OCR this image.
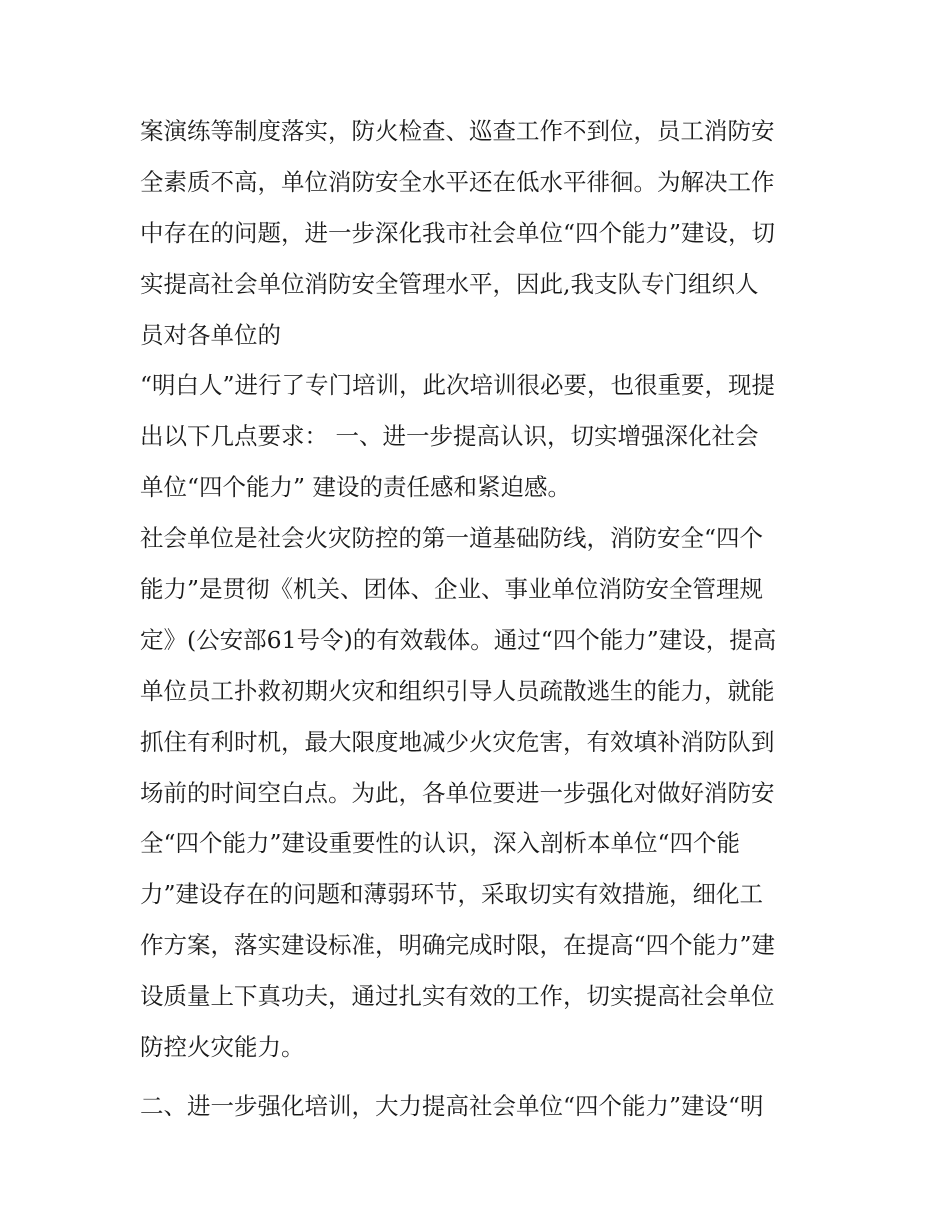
案演练等制度落实，防火检查、巡查工作不到位，员工消防安
全素质不高，单位消防安全水平还在低水平徘徊。为解决工作
中存在的问题，进一步深化我市社会单位“四个能力”建设，切
实提高社会单位消防安全管理水平，因此,我支队专门组织人
员对各单位的
“明白人”进行了专门培训，此次培训很必要，也很重要，现提
出以下几点要求： 一、进一步提高认识，切实增强深化社会
单位“四个能力” 建设的责任感和紧迫感。
社会单位是社会火灾防控的第一道基础防线，消防安全“四个
能力”是贯彻《机关、团体、企业、事业单位消防安全管理规
定》(公安部61号令)的有效载体。通过“四个能力”建设，提高
单位员工扑救初期火灾和组织引导人员疏散逃生的能力，就能
抓住有利时机，最大限度地减少火灾危害，有效填补消防队到
场前的时间空白点。为此，各单位要进一步强化对做好消防安
全“四个能力”建设重要性的认识，深入剖析本单位“四个能
力”建设存在的问题和薄弱环节，采取切实有效措施，细化工
作方案，落实建设标准，明确完成时限，在提高“四个能力”建
设质量上下真功夫，通过扎实有效的工作，切实提高社会单位
防控火灾能力。
二、进一步强化培训，大力提高社会单位“四个能力”建设“明
